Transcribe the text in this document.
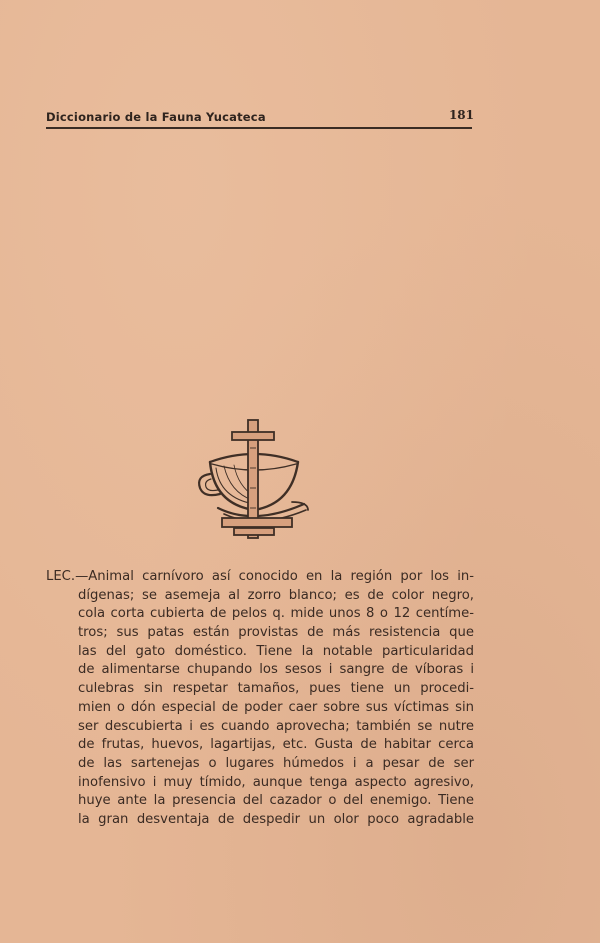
Diccionario de la Fauna Yucateca	181
LEC.—Animal carnívoro así conocido en la región por los in-
dígenas; se asemeja al zorro blanco; es de color negro,
cola corta cubierta de pelos q. mide unos 8 o 12 centíme-
tros; sus patas están provistas de más resistencia que
las del gato doméstico. Tiene la notable particularidad
de alimentarse chupando los sesos i sangre de víboras i
culebras sin respetar tamaños, pues tiene un procedi-
mien o dón especial de poder caer sobre sus víctimas sin
ser descubierta i es cuando aprovecha; también se nutre
de frutas, huevos, lagartijas, etc. Gusta de habitar cerca
de las sartenejas o lugares húmedos i a pesar de ser
inofensivo i muy tímido, aunque tenga aspecto agresivo,
huye ante la presencia del cazador o del enemigo. Tiene
la gran desventaja de despedir un olor poco agradable
